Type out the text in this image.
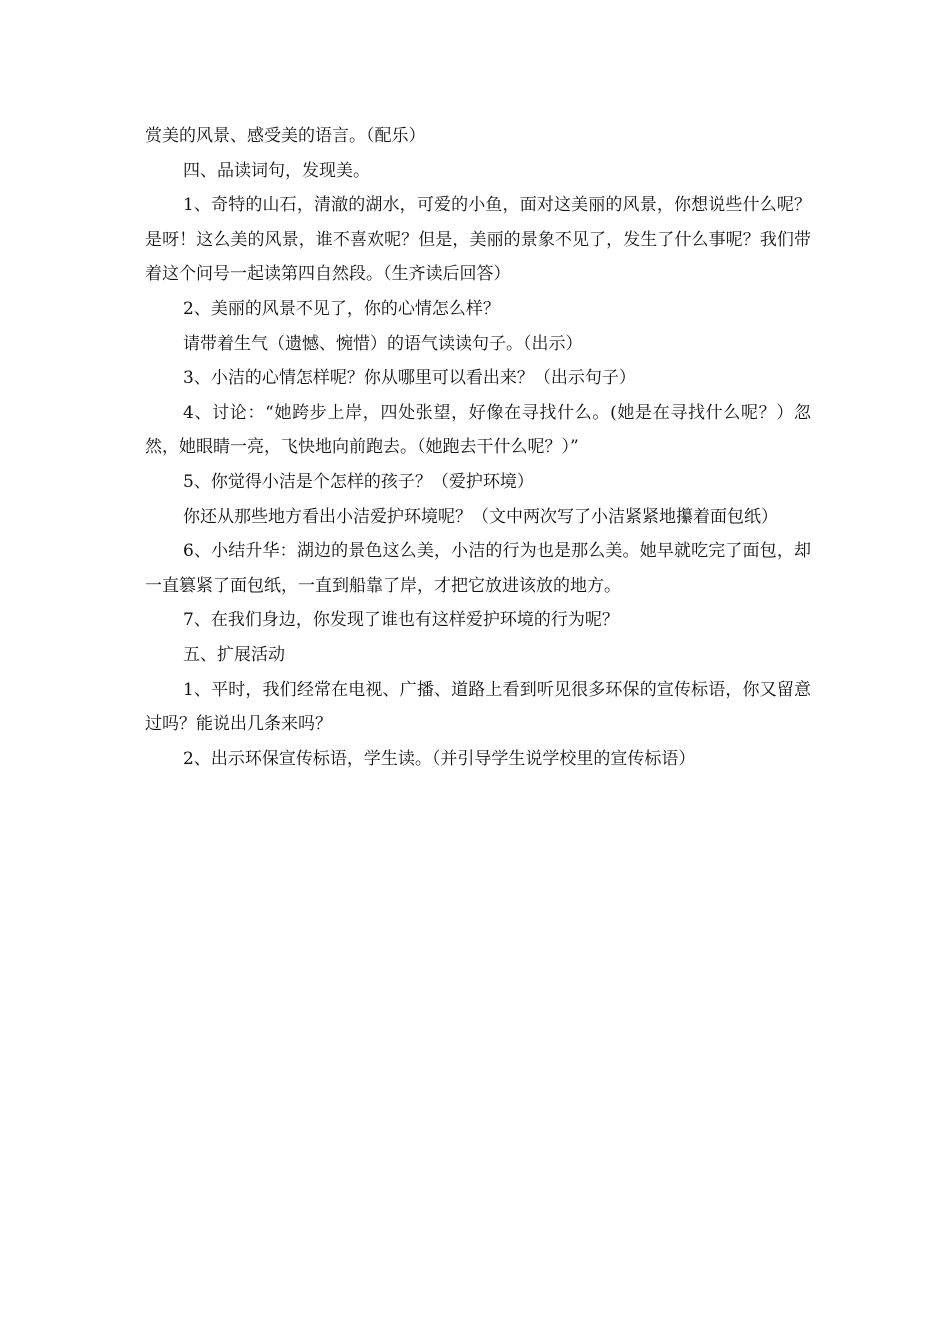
赏美的风景、感受美的语言。（配乐）

四、品读词句，发现美。

1、奇特的山石，清澈的湖水，可爱的小鱼，面对这美丽的风景，你想说些什么呢？是呀！这么美的风景，谁不喜欢呢？但是，美丽的景象不见了，发生了什么事呢？我们带着这个问号一起读第四自然段。（生齐读后回答）

2、美丽的风景不见了，你的心情怎么样？

请带着生气（遗憾、惋惜）的语气读读句子。（出示）

3、小洁的心情怎样呢？你从哪里可以看出来？（出示句子）

4、讨论：“她跨步上岸，四处张望，好像在寻找什么。(她是在寻找什么呢？）忽然，她眼睛一亮，飞快地向前跑去。（她跑去干什么呢？）”

5、你觉得小洁是个怎样的孩子？（爱护环境）

你还从那些地方看出小洁爱护环境呢？（文中两次写了小洁紧紧地攥着面包纸）

6、小结升华：湖边的景色这么美，小洁的行为也是那么美。她早就吃完了面包，却一直篡紧了面包纸，一直到船靠了岸，才把它放进该放的地方。

7、在我们身边，你发现了谁也有这样爱护环境的行为呢？

五、扩展活动

1、平时，我们经常在电视、广播、道路上看到听见很多环保的宣传标语，你又留意过吗？能说出几条来吗？

2、出示环保宣传标语，学生读。（并引导学生说学校里的宣传标语）
